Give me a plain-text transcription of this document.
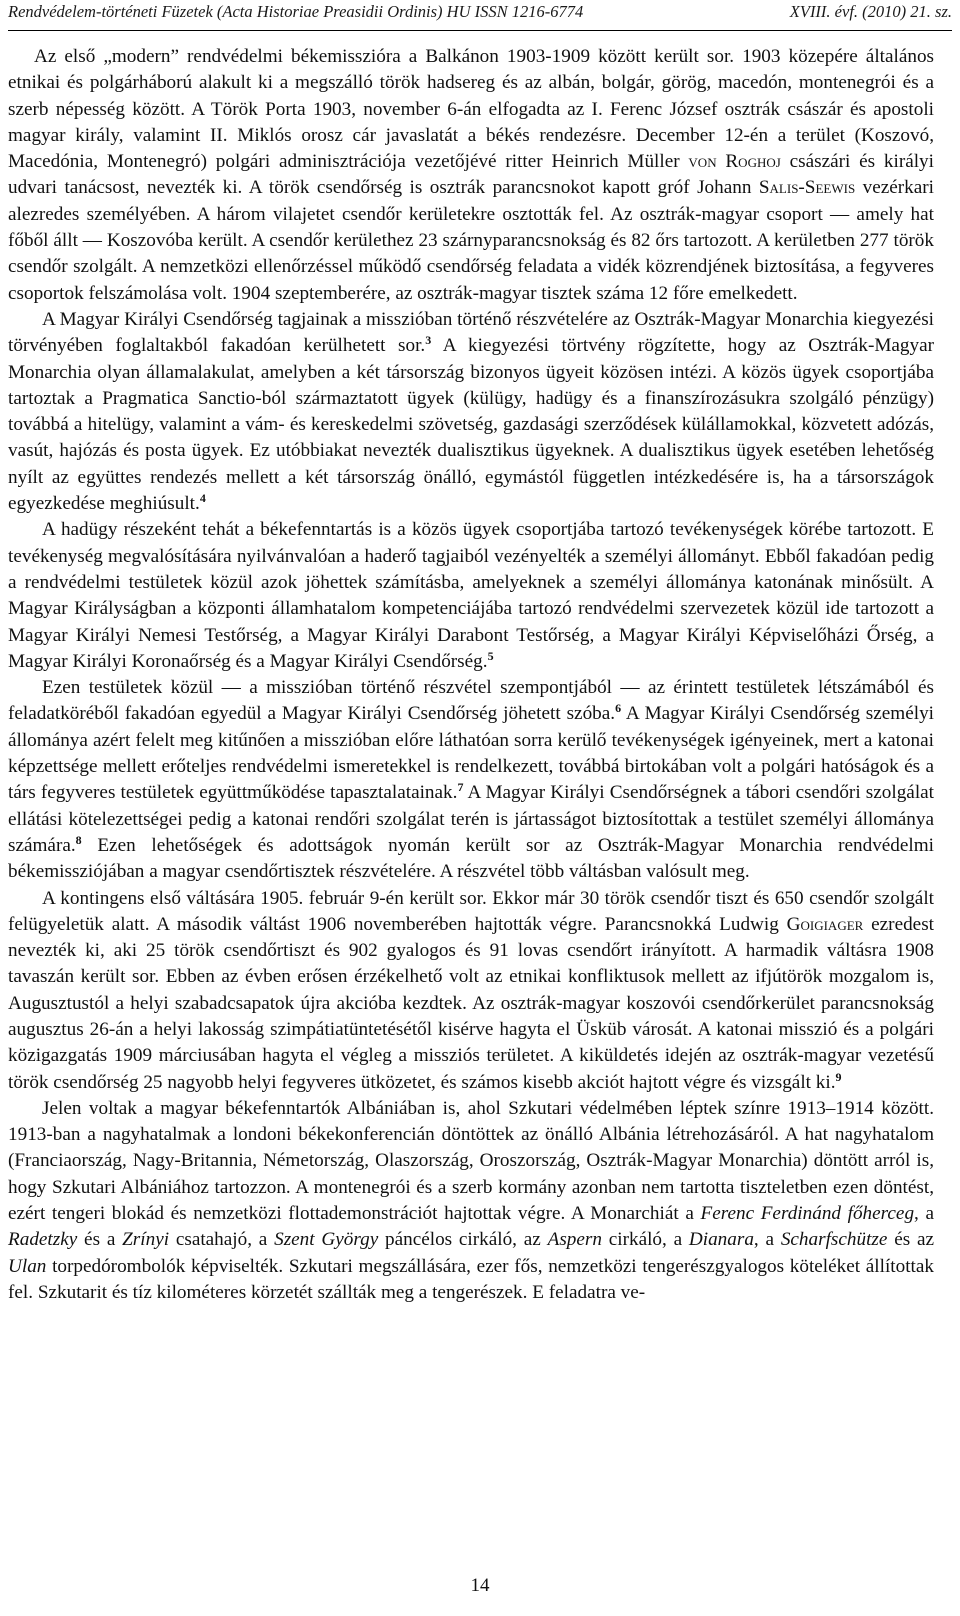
Rendvédelem-történeti Füzetek (Acta Historiae Preasidii Ordinis) HU ISSN 1216-6774	XVIII. évf. (2010) 21. sz.

Az első „modern” rendvédelmi békemisszióra a Balkánon 1903-1909 között került sor. 1903 közepére általános etnikai és polgárháború alakult ki a megszálló török hadsereg és az albán, bolgár, görög, macedón, montenegrói és a szerb népesség között. A Török Porta 1903, november 6-án elfogadta az I. Ferenc József osztrák császár és apostoli magyar király, valamint II. Miklós orosz cár javaslatát a békés rendezésre. December 12-én a terület (Koszovó, Macedónia, Montenegró) polgári adminisztrációja vezetőjévé ritter Heinrich Müller von Roghoj császári és királyi udvari tanácsost, nevezték ki. A török csendőrség is osztrák parancsnokot kapott gróf Johann Salis-Seewis vezérkari alezredes személyében. A három vilajetet csendőr kerületekre osztották fel. Az osztrák-magyar csoport — amely hat főből állt — Koszovóba került. A csendőr kerülethez 23 szárnyparancsnokság és 82 őrs tartozott. A kerületben 277 török csendőr szolgált. A nemzetközi ellenőrzéssel működő csendőrség feladata a vidék közrendjének biztosítása, a fegyveres csoportok felszámolása volt. 1904 szeptemberére, az osztrák-magyar tisztek száma 12 főre emelkedett.

A Magyar Királyi Csendőrség tagjainak a misszióban történő részvételére az Osztrák-Magyar Monarchia kiegyezési törvényében foglaltakból fakadóan kerülhetett sor.$^3$ A kiegyezési törtvény rögzítette, hogy az Osztrák-Magyar Monarchia olyan államalakulat, amelyben a két társország bizonyos ügyeit közösen intézi. A közös ügyek csoportjába tartoztak a Pragmatica Sanctio-ból származtatott ügyek (külügy, hadügy és a finanszírozásukra szolgáló pénzügy) továbbá a hitelügy, valamint a vám- és kereskedelmi szövetség, gazdasági szerződések külállamokkal, közvetett adózás, vasút, hajózás és posta ügyek. Ez utóbbiakat nevezték dualisztikus ügyeknek. A dualisztikus ügyek esetében lehetőség nyílt az együttes rendezés mellett a két társország önálló, egymástól független intézkedésére is, ha a társországok egyezkedése meghiúsult.$^4$

A hadügy részeként tehát a békefenntartás is a közös ügyek csoportjába tartozó tevékenységek körébe tartozott. E tevékenység megvalósítására nyilvánvalóan a haderő tagjaiból vezényelték a személyi állományt. Ebből fakadóan pedig a rendvédelmi testületek közül azok jöhettek számításba, amelyeknek a személyi állománya katonának minősült. A Magyar Királyságban a központi államhatalom kompetenciájába tartozó rendvédelmi szervezetek közül ide tartozott a Magyar Királyi Nemesi Testőrség, a Magyar Királyi Darabont Testőrség, a Magyar Királyi Képviselőházi Őrség, a Magyar Királyi Koronaőrség és a Magyar Királyi Csendőrség.$^5$

Ezen testületek közül — a misszióban történő részvétel szempontjából — az érintett testületek létszámából és feladatköréből fakadóan egyedül a Magyar Királyi Csendőrség jöhetett szóba.$^6$ A Magyar Királyi Csendőrség személyi állománya azért felelt meg kitűnően a misszióban előre láthatóan sorra kerülő tevékenységek igényeinek, mert a katonai képzettsége mellett erőteljes rendvédelmi ismeretekkel is rendelkezett, továbbá birtokában volt a polgári hatóságok és a társ fegyveres testületek együttműködése tapasztalatainak.$^7$ A Magyar Királyi Csendőrségnek a tábori csendőri szolgálat ellátási kötelezettségei pedig a katonai rendőri szolgálat terén is jártasságot biztosítottak a testület személyi állománya számára.$^8$ Ezen lehetőségek és adottságok nyomán került sor az Osztrák-Magyar Monarchia rendvédelmi békemissziójában a magyar csendőrtisztek részvételére. A részvétel több váltásban valósult meg.

A kontingens első váltására 1905. február 9-én került sor. Ekkor már 30 török csendőr tiszt és 650 csendőr szolgált felügyeletük alatt. A második váltást 1906 novemberében hajtották végre. Parancsnokká Ludwig Goigiager ezredest nevezték ki, aki 25 török csendőrtiszt és 902 gyalogos és 91 lovas csendőrt irányított. A harmadik váltásra 1908 tavaszán került sor. Ebben az évben erősen érzékelhető volt az etnikai konfliktusok mellett az ifjútörök mozgalom is, Augusztustól a helyi szabadcsapatok újra akcióba kezdtek. Az osztrák-magyar koszovói csendőrkerület parancsnokság augusztus 26-án a helyi lakosság szimpátiatüntetésétől kisérve hagyta el Üsküb városát. A katonai misszió és a polgári közigazgatás 1909 márciusában hagyta el végleg a missziós területet. A kiküldetés idején az osztrák-magyar vezetésű török csendőrség 25 nagyobb helyi fegyveres ütközetet, és számos kisebb akciót hajtott végre és vizsgált ki.$^9$

Jelen voltak a magyar békefenntartók Albániában is, ahol Szkutari védelmében léptek színre 1913–1914 között. 1913-ban a nagyhatalmak a londoni békekonferencián döntöttek az önálló Albánia létrehozásáról. A hat nagyhatalom (Franciaország, Nagy-Britannia, Németország, Olaszország, Oroszország, Osztrák-Magyar Monarchia) döntött arról is, hogy Szkutari Albániához tartozzon. A montenegrói és a szerb kormány azonban nem tartotta tiszteletben ezen döntést, ezért tengeri blokád és nemzetközi flottademonstrációt hajtottak végre. A Monarchiát a Ferenc Ferdinánd főherceg, a Radetzky és a Zrínyi csatahajó, a Szent György páncélos cirkáló, az Aspern cirkáló, a Dianara, a Scharfschütze és az Ulan torpedórombolók képviselték. Szkutari megszállására, ezer fős, nemzetközi tengerészgyalogos köteléket állítottak fel. Szkutarit és tíz kilométeres körzetét szállták meg a tengerészek. E feladatra ve-

14
